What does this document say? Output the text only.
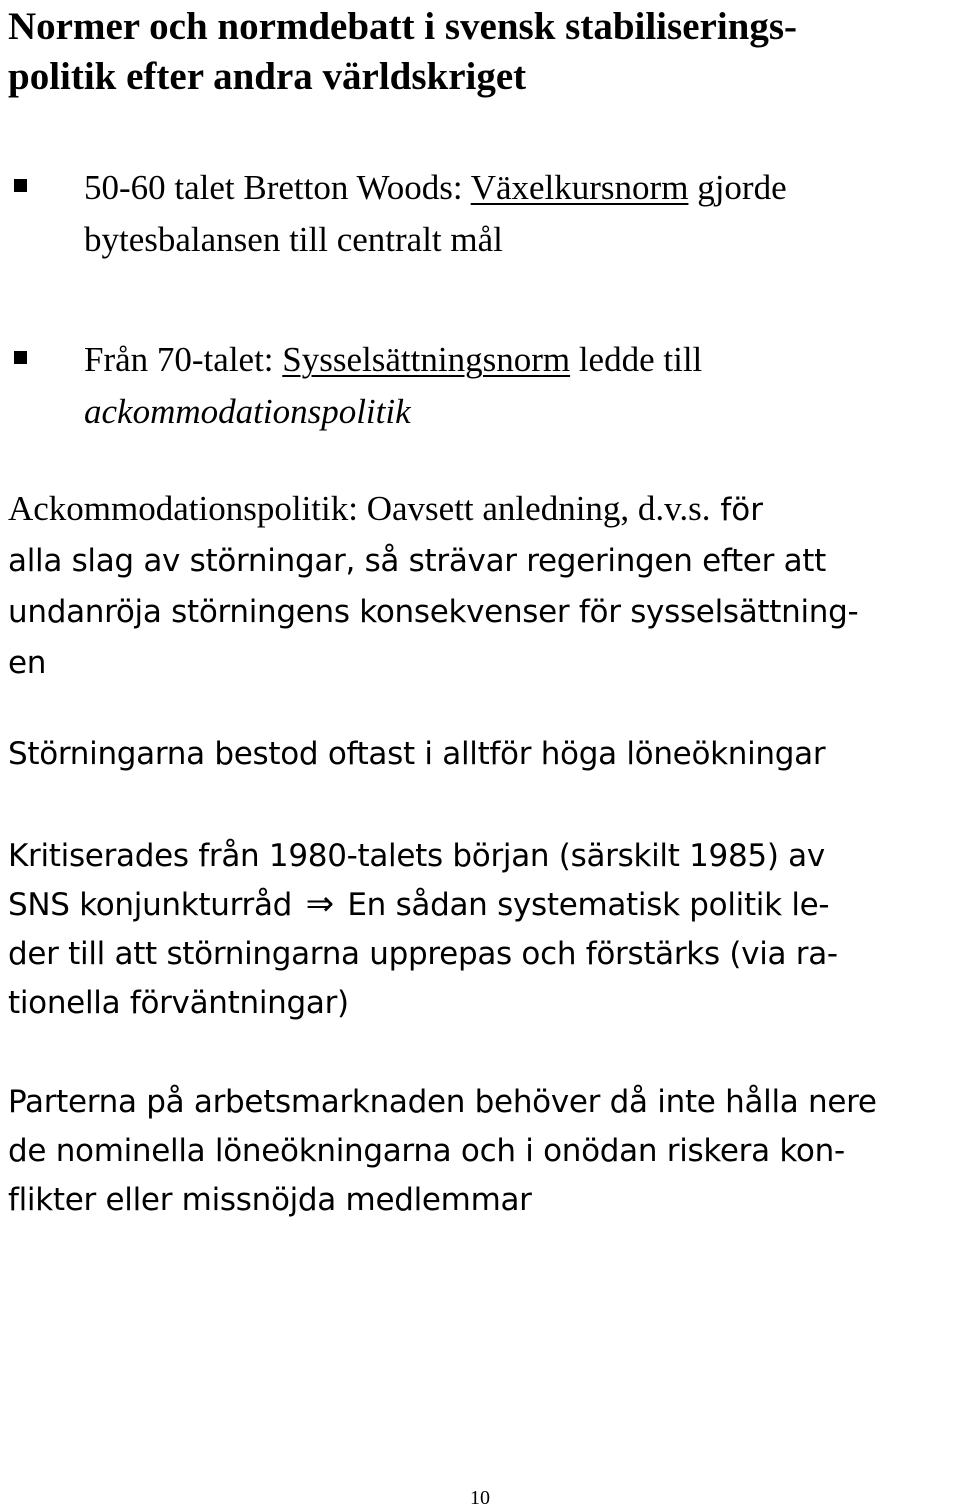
Normer och normdebatt i svensk stabiliserings-
politik efter andra världskriget
50-60 talet Bretton Woods: Växelkursnorm gjorde
bytesbalansen till centralt mål
Från 70-talet: Sysselsättningsnorm ledde till
ackommodationspolitik

Ackommodationspolitik: Oavsett anledning, d.v.s. för
alla slag av störningar, så strävar regeringen efter att
undanröja störningens konsekvenser för sysselsättning-
en

Störningarna bestod oftast i alltför höga löneökningar

Kritiserades från 1980-talets början (särskilt 1985) av
SNS konjunkturråd ⇒ En sådan systematisk politik le-
der till att störningarna upprepas och förstärks (via ra-
tionella förväntningar)

Parterna på arbetsmarknaden behöver då inte hålla nere
de nominella löneökningarna och i onödan riskera kon-
flikter eller missnöjda medlemmar

10
